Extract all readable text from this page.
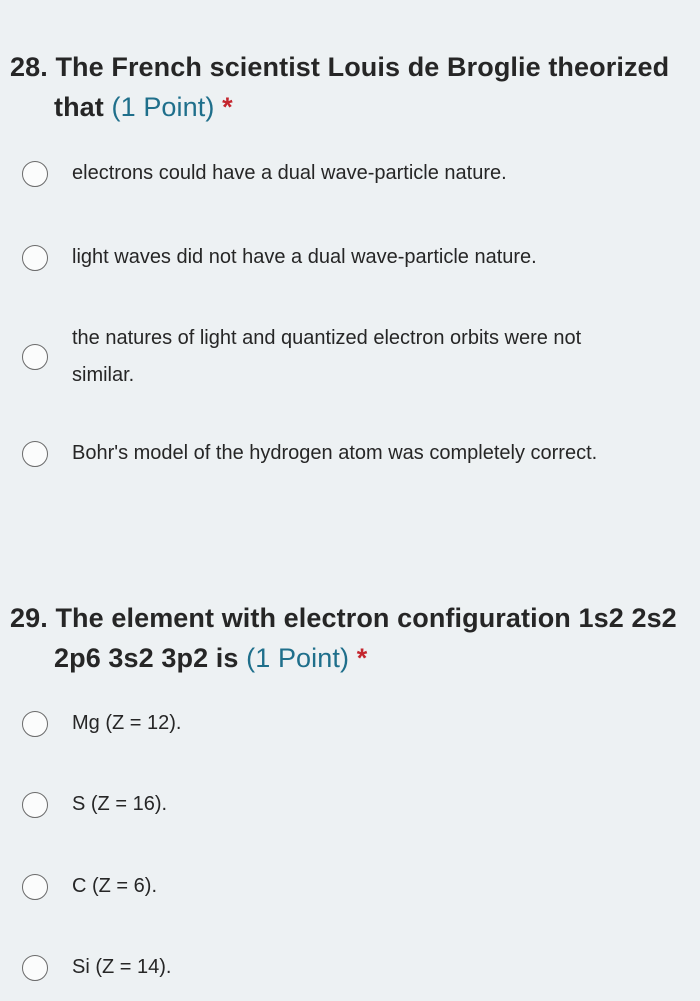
28. The French scientist Louis de Broglie theorized
that (1 Point) *

electrons could have a dual wave-particle nature.
light waves did not have a dual wave-particle nature.
the natures of light and quantized electron orbits were not similar.
Bohr's model of the hydrogen atom was completely correct.

29. The element with electron configuration 1s2 2s2
2p6 3s2 3p2 is (1 Point) *

Mg (Z = 12).
S (Z = 16).
C (Z = 6).
Si (Z = 14).
